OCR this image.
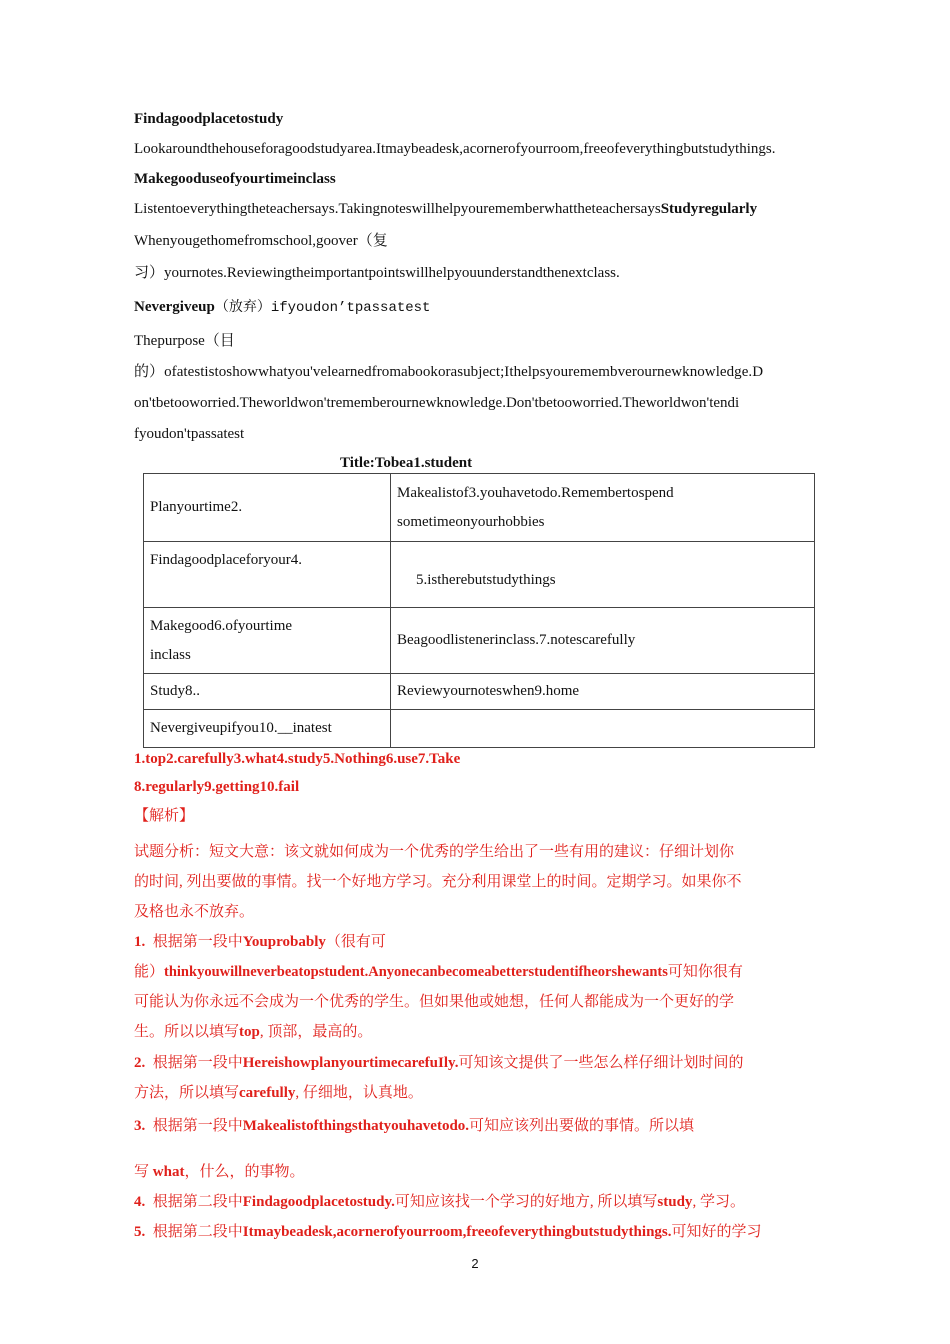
Findagoodplacetostudy
Lookaroundthehouseforagoodstudyarea.Itmaybeadesk,acornerofyourroom,freeofeverythingbutstudythings.
Makegooduseofyourtimeinclass
Listentoeverythingtheteachersays.TakingnoteswillhelpyourememberwhattheteachersaysStudyregularly
Whenyougethomefromschool,goover（复
习）yournotes.Reviewingtheimportantpointswillhelpyouunderstandthenextclass.
Nevergiveup（放弃）ifyoudon’tpassatest
Thepurpose（目
的）ofatestistoshowwhatyou'velearnedfromabookorasubject;Ithelpsyouremembverournewknowledge.D
on'tbetooworried.Theworldwon'trememberournewknowledge.Don'tbetooworried.Theworldwon'tendi
fyoudon'tpassatest
Title:Tobea1.student
Planyourtime2.	Makealistof3.youhavetodo.Remembertospend
sometimeonyourhobbies

Findagoodplaceforyour4.	5.istherebutstudythings

Makegood6.ofyourtime
inclass	Beagoodlistenerinclass.7.notescarefully
Study8..	Reviewyournoteswhen9.home
Nevergiveupifyou10.__inatest	
1.top2.carefully3.what4.study5.Nothing6.use7.Take
8.regularly9.getting10.fail
【解析】
试题分析：短文大意：该文就如何成为一个优秀的学生给出了一些有用的建议：仔细计划你
的时间, 列出要做的事情。找一个好地方学习。充分利用课堂上的时间。定期学习。如果你不
及格也永不放弃。
1. 根据第一段中Youprobably（很有可
能）thinkyouwillneverbeatopstudent.Anyonecanbecomeabetterstudentifheorshewants可知你很有
可能认为你永远不会成为一个优秀的学生。但如果他或她想，任何人都能成为一个更好的学
生。所以以填写top, 顶部，最高的。
2. 根据第一段中HereishowplanyourtimecarefuIly.可知该文提供了一些怎么样仔细计划时间的
方法，所以填写carefully, 仔细地，认真地。
3. 根据第一段中Makealistofthingsthatyouhavetodo.可知应该列出要做的事情。所以填
写 what，什么，的事物。
4. 根据第二段中Findagoodplacetostudy.可知应该找一个学习的好地方, 所以填写study, 学习。
5. 根据第二段中Itmaybeadesk,acornerofyourroom,freeofeverythingbutstudythings.可知好的学习
2
